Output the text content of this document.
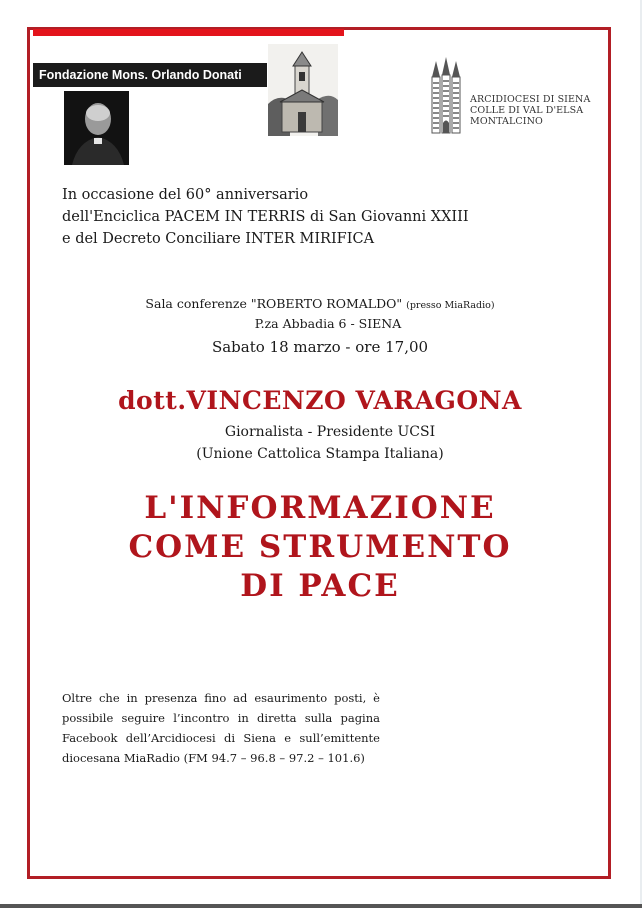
Fondazione Mons. Orlando Donati
ARCIDIOCESI DI SIENA
COLLE DI VAL D'ELSA
MONTALCINO
In occasione del 60° anniversario
dell'Enciclica PACEM IN TERRIS di San Giovanni XXIII
e del Decreto Conciliare INTER MIRIFICA
Sala conferenze "ROBERTO ROMALDO" (presso MiaRadio)
P.za Abbadia 6 - SIENA
Sabato 18 marzo - ore 17,00
dott.VINCENZO VARAGONA
Giornalista - Presidente UCSI
(Unione Cattolica Stampa Italiana)
L'INFORMAZIONE
COME STRUMENTO
DI PACE
Oltre che in presenza fino ad esaurimento posti, è possibile seguire l’incontro in diretta sulla pagina Facebook dell’Arcidiocesi di Siena e sull’emittente diocesana MiaRadio (FM 94.7 – 96.8 – 97.2 – 101.6)
